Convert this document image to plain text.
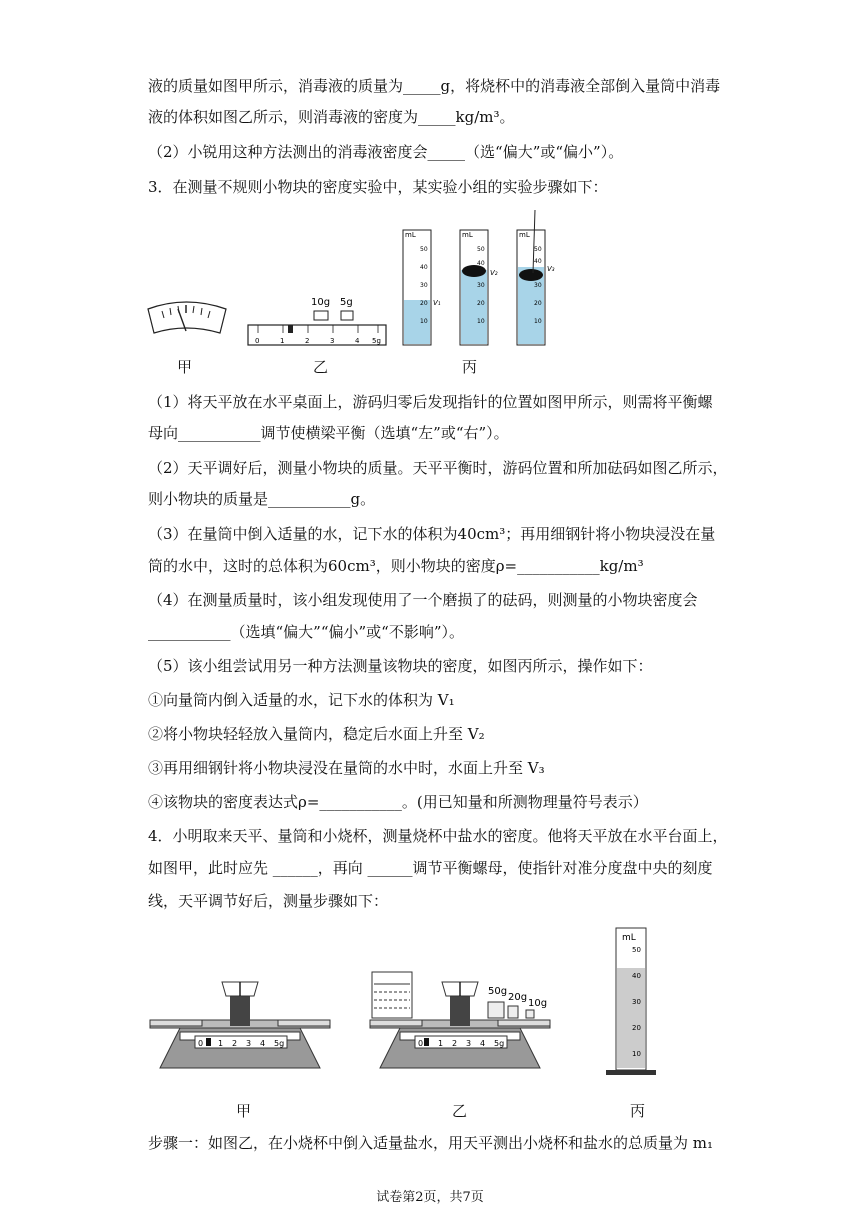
液的质量如图甲所示，消毒液的质量为_____g，将烧杯中的消毒液全部倒入量筒中消毒
液的体积如图乙所示，则消毒液的密度为_____kg/m³。
（2）小锐用这种方法测出的消毒液密度会_____（选“偏大”或“偏小”）。
3．在测量不规则小物块的密度实验中，某实验小组的实验步骤如下：
0	1	2	3	4 5g
10g 5g
mL
50
40
30
20
10
V₁
mL
50
40
30
20
10
V₂
mL
50
40
30
20
10
V₃
甲	乙	丙
（1）将天平放在水平桌面上，游码归零后发现指针的位置如图甲所示，则需将平衡螺
母向___________调节使横梁平衡（选填“左”或“右”）。
（2）天平调好后，测量小物块的质量。天平平衡时，游码位置和所加砝码如图乙所示，
则小物块的质量是___________g。
（3）在量筒中倒入适量的水，记下水的体积为40cm³；再用细钢针将小物块浸没在量
筒的水中，这时的总体积为60cm³，则小物块的密度ρ=___________kg/m³
（4）在测量质量时，该小组发现使用了一个磨损了的砝码，则测量的小物块密度会
___________（选填“偏大”“偏小”或“不影响”）。
（5）该小组尝试用另一种方法测量该物块的密度，如图丙所示，操作如下：
①向量筒内倒入适量的水，记下水的体积为 V₁
②将小物块轻轻放入量筒内，稳定后水面上升至 V₂
③再用细钢针将小物块浸没在量筒的水中时，水面上升至 V₃
④该物块的密度表达式ρ=___________。(用已知量和所测物理量符号表示）
4．小明取来天平、量筒和小烧杯，测量烧杯中盐水的密度。他将天平放在水平台面上，
如图甲，此时应先 ______，再向 ______调节平衡螺母，使指针对准分度盘中央的刻度
线，天平调节好后，测量步骤如下：
0 1 2 3 4 5g	0 1 2 3 4 5g
50g
20g
10g
mL
50
40
30
20
10
甲	乙	丙
步骤一：如图乙，在小烧杯中倒入适量盐水，用天平测出小烧杯和盐水的总质量为 m₁
试卷第2页，共7页
